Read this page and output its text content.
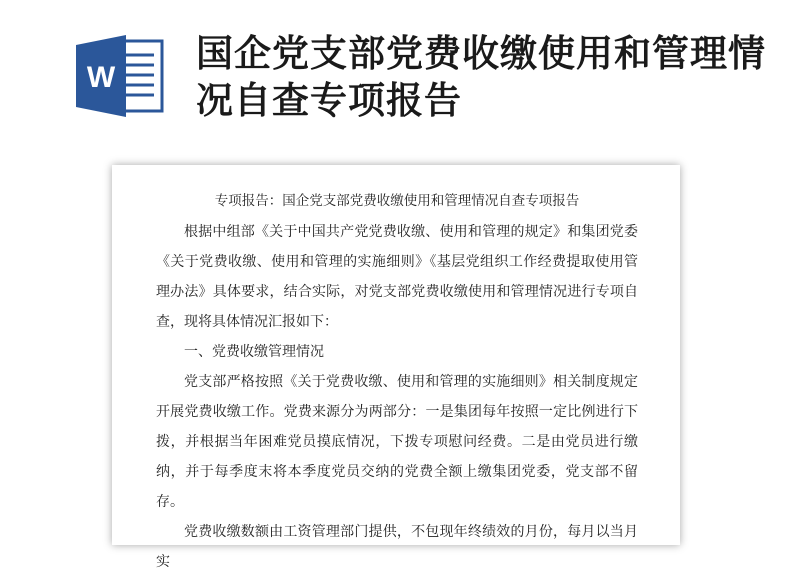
W
国企党支部党费收缴使用和管理情况自查专项报告
专项报告：国企党支部党费收缴使用和管理情况自查专项报告

根据中组部《关于中国共产党党费收缴、使用和管理的规定》和集团党委《关于党费收缴、使用和管理的实施细则》《基层党组织工作经费提取使用管理办法》具体要求，结合实际，对党支部党费收缴使用和管理情况进行专项自查，现将具体情况汇报如下：

一、党费收缴管理情况

党支部严格按照《关于党费收缴、使用和管理的实施细则》相关制度规定开展党费收缴工作。党费来源分为两部分：一是集团每年按照一定比例进行下拨，并根据当年困难党员摸底情况，下拨专项慰问经费。二是由党员进行缴纳，并于每季度末将本季度党员交纳的党费全额上缴集团党委，党支部不留存。

党费收缴数额由工资管理部门提供，不包现年终绩效的月份，每月以当月实
